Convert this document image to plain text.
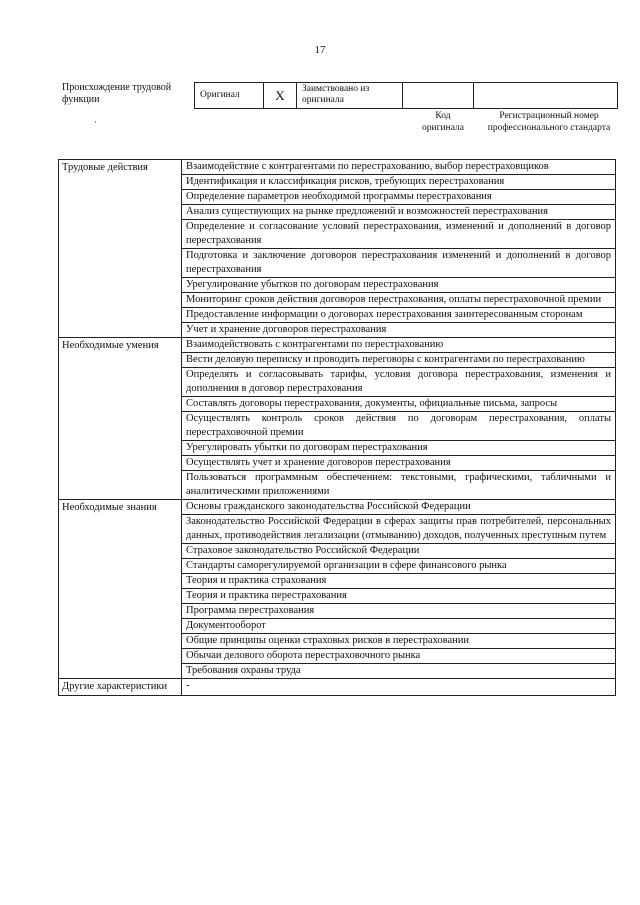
17
Происхождение трудовой функции	Оригинал	X	Заимствовано из оригинала		
Код оригинала
Регистрационный номер профессионального стандарта
·
Трудовые действия	Взаимодействие с контрагентами по перестрахованию, выбор перестраховщиков
	Идентификация и классификация рисков, требующих перестрахования
	Определение параметров необходимой программы перестрахования
	Анализ существующих на рынке предложений и возможностей перестрахования
	Определение и согласование условий перестрахования, изменений и дополнений в договор перестрахования
	Подготовка и заключение договоров перестрахования изменений и дополнений в договор перестрахования
	Урегулирование убытков по договорам перестрахования
	Мониторинг сроков действия договоров перестрахования, оплаты перестраховочной премии
	Предоставление информации о договорах перестрахования заинтересованным сторонам
	Учет и хранение договоров перестрахования
Необходимые умения	Взаимодействовать с контрагентами по перестрахованию
	Вести деловую переписку и проводить переговоры с контрагентами по перестрахованию
	Определять и согласовывать тарифы, условия договора перестрахования, изменения и дополнения в договор перестрахования
	Составлять договоры перестрахования, документы, официальные письма, запросы
	Осуществлять контроль сроков действия по договорам перестрахования, оплаты перестраховочной премии
	Урегулировать убытки по договорам перестрахования
	Осуществлять учет и хранение договоров перестрахования
	Пользоваться программным обеспечением: текстовыми, графическими, табличными и аналитическими приложениями
Необходимые знания	Основы гражданского законодательства Российской Федерации
	Законодательство Российской Федерации в сферах защиты прав потребителей, персональных данных, противодействия легализации (отмыванию) доходов, полученных преступным путем
	Страховое законодательство Российской Федерации
	Стандарты саморегулируемой организации в сфере финансового рынка
	Теория и практика страхования
	Теория и практика перестрахования
	Программа перестрахования
	Документооборот
	Общие принципы оценки страховых рисков в перестраховании
	Обычаи делового оборота перестраховочного рынка
	Требования охраны труда
Другие характеристики	-
